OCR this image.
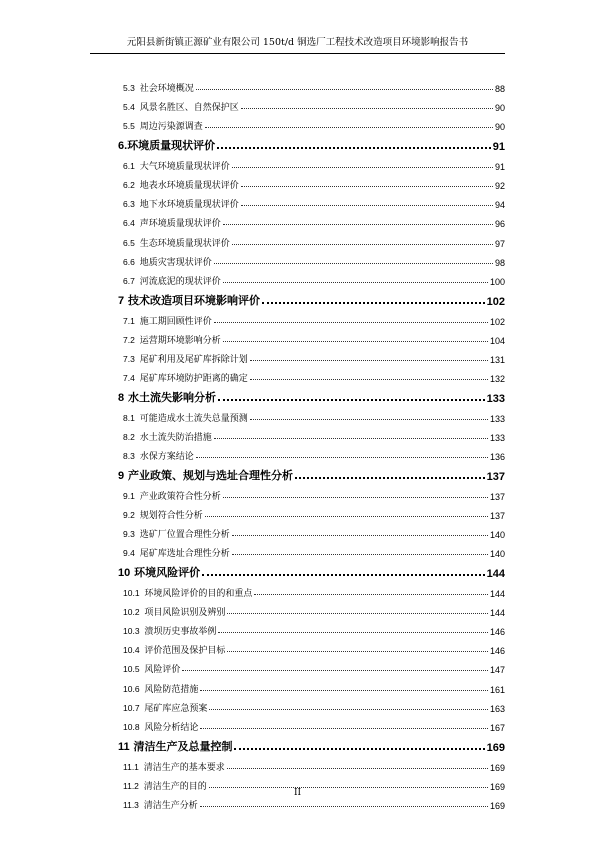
元阳县新街镇正源矿业有限公司 150t/d 铜选厂工程技术改造项目环境影响报告书
5.3 社会环境概况	88
5.4 风景名胜区、自然保护区	90
5.5 周边污染源调查	90
6.环境质量现状评价	91
6.1 大气环境质量现状评价	91
6.2 地表水环境质量现状评价	92
6.3 地下水环境质量现状评价	94
6.4 声环境质量现状评价	96
6.5 生态环境质量现状评价	97
6.6 地质灾害现状评价	98
6.7 河流底泥的现状评价	100
7 技术改造项目环境影响评价	102
7.1 施工期回顾性评价	102
7.2 运营期环境影响分析	104
7.3 尾矿利用及尾矿库拆除计划	131
7.4 尾矿库环境防护距离的确定	132
8 水土流失影响分析	133
8.1 可能造成水土流失总量预测	133
8.2 水土流失防治措施	133
8.3 水保方案结论	136
9 产业政策、规划与选址合理性分析	137
9.1 产业政策符合性分析	137
9.2 规划符合性分析	137
9.3 选矿厂位置合理性分析	140
9.4 尾矿库选址合理性分析	140
10 环境风险评价	144
10.1 环境风险评价的目的和重点	144
10.2 项目风险识别及辨别	144
10.3 溃坝历史事故举例	146
10.4 评价范围及保护目标	146
10.5 风险评价	147
10.6 风险防范措施	161
10.7 尾矿库应急预案	163
10.8 风险分析结论	167
11 清洁生产及总量控制	169
11.1 清洁生产的基本要求	169
11.2 清洁生产的目的	169
11.3 清洁生产分析	169
II
